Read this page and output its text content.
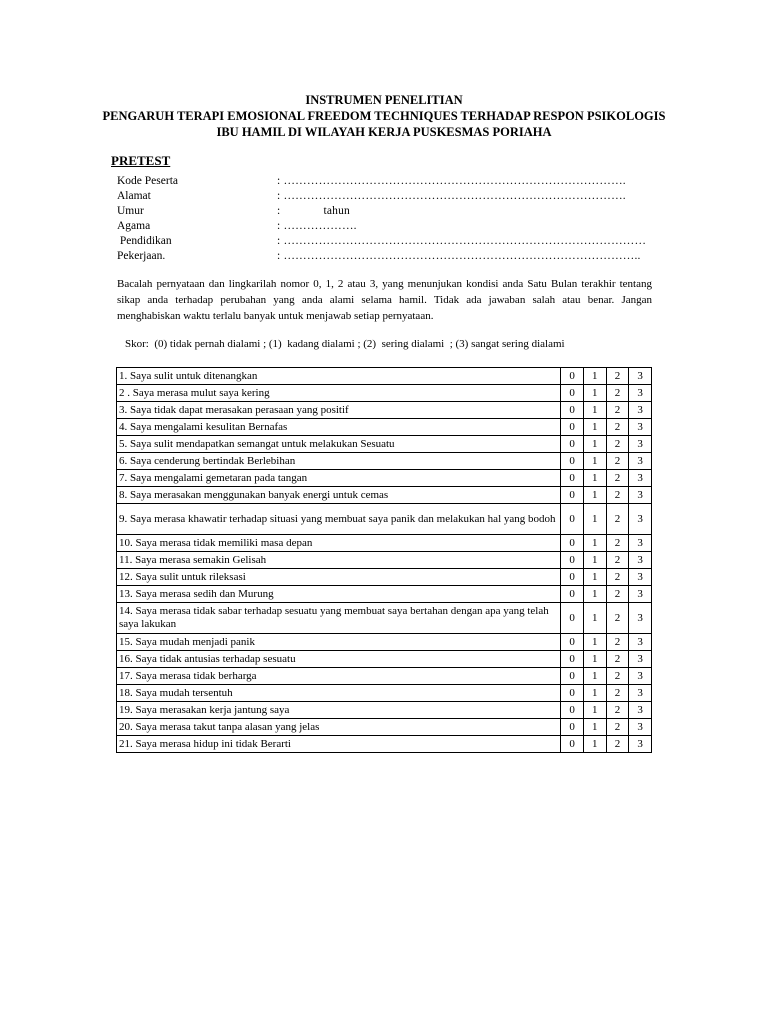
INSTRUMEN PENELITIAN
PENGARUH TERAPI EMOSIONAL FREEDOM TECHNIQUES TERHADAP RESPON PSIKOLOGIS
IBU HAMIL DI WILAYAH KERJA PUSKESMAS PORIAHA
PRETEST
Kode Peserta	: …………………………………………………………………………….
Alamat	: …………………………………………………………………………….
Umur	:              tahun
Agama	: ……………….
Pendidikan	: …………………………………………………………………………………
Pekerjaan.	: ………………………………………………………………………………..
Bacalah pernyataan dan lingkarilah nomor 0, 1, 2 atau 3, yang menunjukan kondisi anda Satu Bulan terakhir tentang sikap anda terhadap perubahan yang anda alami selama hamil. Tidak ada jawaban salah atau benar. Jangan menghabiskan waktu terlalu banyak untuk menjawab setiap pernyataan.
Skor:  (0) tidak pernah dialami ; (1)  kadang dialami ; (2)  sering dialami  ; (3) sangat sering dialami
1. Saya sulit untuk ditenangkan	0	1	2	3
2 . Saya merasa mulut saya kering	0	1	2	3
3. Saya tidak dapat merasakan perasaan yang positif	0	1	2	3
4. Saya mengalami kesulitan Bernafas	0	1	2	3
5. Saya sulit mendapatkan semangat untuk melakukan Sesuatu	0	1	2	3
6. Saya cenderung bertindak Berlebihan	0	1	2	3
7. Saya mengalami gemetaran pada tangan	0	1	2	3
8. Saya merasakan menggunakan banyak energi untuk cemas	0	1	2	3
9. Saya merasa khawatir terhadap situasi yang membuat saya panik dan melakukan hal yang bodoh	0	1	2	3
10. Saya merasa tidak memiliki masa depan	0	1	2	3
11. Saya merasa semakin Gelisah	0	1	2	3
12. Saya sulit untuk rileksasi	0	1	2	3
13. Saya merasa sedih dan Murung	0	1	2	3
14. Saya merasa tidak sabar terhadap sesuatu yang membuat saya bertahan dengan apa yang telah saya lakukan	0	1	2	3
15. Saya mudah menjadi panik	0	1	2	3
16. Saya tidak antusias terhadap sesuatu	0	1	2	3
17. Saya merasa tidak berharga	0	1	2	3
18. Saya mudah tersentuh	0	1	2	3
19. Saya merasakan kerja jantung saya	0	1	2	3
20. Saya merasa takut tanpa alasan yang jelas	0	1	2	3
21. Saya merasa hidup ini tidak Berarti	0	1	2	3
